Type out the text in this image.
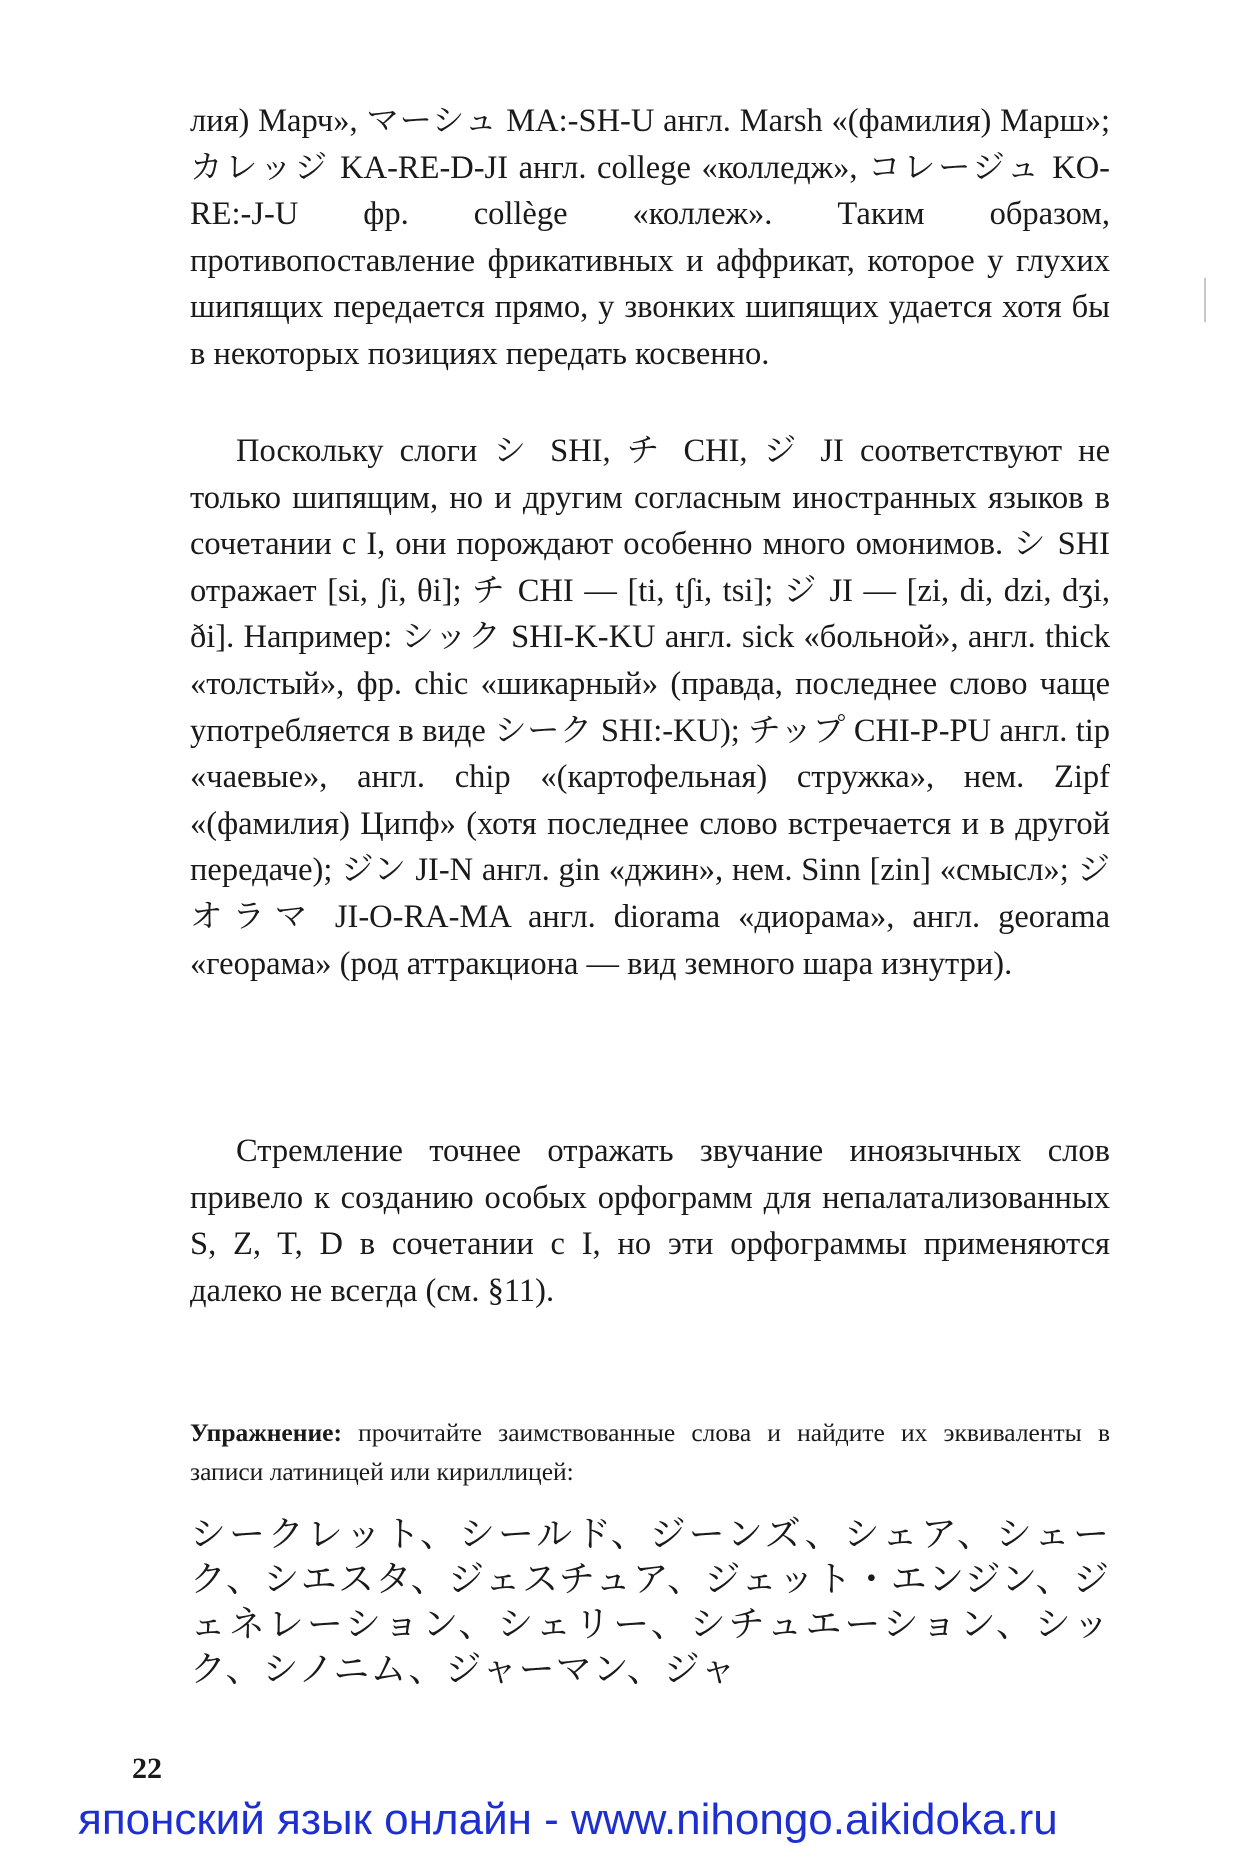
лия) Марч», マーシュ MA:-SH-U англ. Marsh «(фамилия) Марш»; カレッジ KA-RE-D-JI англ. college «колледж», コレージュ KO-RE:-J-U фр. collège «коллеж». Таким образом, противопоставление фрикативных и аффрикат, которое у глухих шипящих передается прямо, у звонких шипящих удается хотя бы в некоторых позициях передать косвенно.

Поскольку слоги シ SHI, チ CHI, ジ JI соответствуют не только шипящим, но и другим согласным иностранных языков в сочетании с I, они порождают особенно много омонимов. シ SHI отражает [si, ʃi, θi]; チ CHI — [ti, tʃi, tsi]; ジ JI — [zi, di, dzi, dʒi, ði]. Например: シック SHI-K-KU англ. sick «больной», англ. thick «толстый», фр. chic «шикарный» (правда, последнее слово чаще употребляется в виде シーク SHI:-KU); チップ CHI-P-PU англ. tip «чаевые», англ. chip «(картофельная) стружка», нем. Zipf «(фамилия) Ципф» (хотя последнее слово встречается и в другой передаче); ジン JI-N англ. gin «джин», нем. Sinn [zin] «смысл»; ジオラマ JI-O-RA-MA англ. diorama «диорама», англ. georama «георама» (род аттракциона — вид земного шара изнутри).

Стремление точнее отражать звучание иноязычных слов привело к созданию особых орфограмм для непалатализованных S, Z, T, D в сочетании с I, но эти орфограммы применяются далеко не всегда (см. §11).

Упражнение: прочитайте заимствованные слова и найдите их эквиваленты в записи латиницей или кириллицей:

シークレット、シールド、ジーンズ、シェア、シェーク、シエスタ、ジェスチュア、ジェット・エンジン、ジェネレーション、シェリー、シチュエーション、シック、シノニム、ジャーマン、ジャ

22
японский язык онлайн - www.nihongo.aikidoka.ru
